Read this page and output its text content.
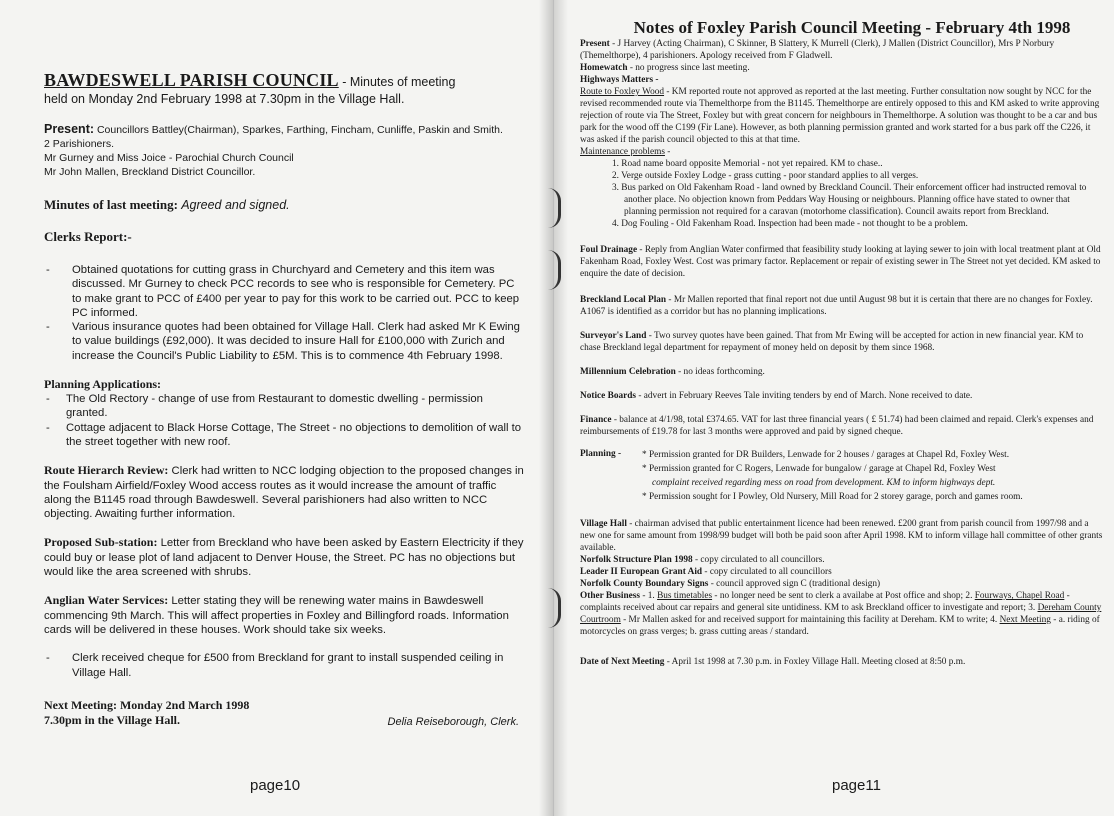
BAWDESWELL PARISH COUNCIL - Minutes of meeting
held on Monday 2nd February 1998 at 7.30pm in the Village Hall.
Present: Councillors Battley(Chairman), Sparkes, Farthing, Fincham, Cunliffe, Paskin and Smith.
2 Parishioners.
Mr Gurney and Miss Joice - Parochial Church Council
Mr John Mallen, Breckland District Councillor.
Minutes of last meeting: Agreed and signed.
Clerks Report:-
- Obtained quotations for cutting grass in Churchyard and Cemetery and this item was discussed. Mr Gurney to check PCC records to see who is responsible for Cemetery. PC to make grant to PCC of £400 per year to pay for this work to be carried out. PCC to keep PC informed.
- Various insurance quotes had been obtained for Village Hall. Clerk had asked Mr K Ewing to value buildings (£92,000). It was decided to insure Hall for £100,000 with Zurich and increase the Council's Public Liability to £5M. This is to commence 4th February 1998.
Planning Applications:
- The Old Rectory - change of use from Restaurant to domestic dwelling - permission granted.
- Cottage adjacent to Black Horse Cottage, The Street - no objections to demolition of wall to the street together with new roof.
Route Hierarch Review: Clerk had written to NCC lodging objection to the proposed changes in the Foulsham Airfield/Foxley Wood access routes as it would increase the amount of traffic along the B1145 road through Bawdeswell. Several parishioners had also written to NCC objecting. Awaiting further information.
Proposed Sub-station: Letter from Breckland who have been asked by Eastern Electricity if they could buy or lease plot of land adjacent to Denver House, the Street. PC has no objections but would like the area screened with shrubs.
Anglian Water Services: Letter stating they will be renewing water mains in Bawdeswell commencing 9th March. This will affect properties in Foxley and Billingford roads. Information cards will be delivered in these houses. Work should take six weeks.
- Clerk received cheque for £500 from Breckland for grant to install suspended ceiling in Village Hall.
Next Meeting: Monday 2nd March 1998
7.30pm in the Village Hall.	Delia Reiseborough, Clerk.
page10
Notes of Foxley Parish Council Meeting - February 4th 1998
Present - J Harvey (Acting Chairman), C Skinner, B Slattery, K Murrell (Clerk), J Mallen (District Councillor), Mrs P Norbury (Themelthorpe), 4 parishioners. Apology received from F Gladwell.
Homewatch - no progress since last meeting.
Highways Matters -
Route to Foxley Wood - KM reported route not approved as reported at the last meeting. Further consultation now sought by NCC for the revised recommended route via Themelthorpe from the B1145. Themelthorpe are entirely opposed to this and KM asked to write approving rejection of route via The Street, Foxley but with great concern for neighbours in Themelthorpe. A solution was thought to be a car and bus park for the wood off the C199 (Fir Lane). However, as both planning permission granted and work started for a bus park off the C226, it was asked if the parish council objected to this at that time.
Maintenance problems -
1. Road name board opposite Memorial - not yet repaired. KM to chase..
2. Verge outside Foxley Lodge - grass cutting - poor standard applies to all verges.
3. Bus parked on Old Fakenham Road - land owned by Breckland Council. Their enforcement officer had instructed removal to another place. No objection known from Peddars Way Housing or neighbours. Planning office have stated to owner that planning permission not required for a caravan (motorhome classification). Council awaits report from Breckland.
4. Dog Fouling - Old Fakenham Road. Inspection had been made - not thought to be a problem.
Foul Drainage - Reply from Anglian Water confirmed that feasibility study looking at laying sewer to join with local treatment plant at Old Fakenham Road, Foxley West. Cost was primary factor. Replacement or repair of existing sewer in The Street not yet decided. KM asked to enquire the date of decision.
Breckland Local Plan - Mr Mallen reported that final report not due until August 98 but it is certain that there are no changes for Foxley. A1067 is identified as a corridor but has no planning implications.
Surveyor's Land - Two survey quotes have been gained. That from Mr Ewing will be accepted for action in new financial year. KM to chase Breckland legal department for repayment of money held on deposit by them since 1968.
Millennium Celebration - no ideas forthcoming.
Notice Boards - advert in February Reeves Tale inviting tenders by end of March. None received to date.
Finance - balance at 4/1/98, total £374.65. VAT for last three financial years ( £ 51.74) had been claimed and repaid. Clerk's expenses and reimbursements of £19.78 for last 3 months were approved and paid by signed cheque.
Planning -	* Permission granted for DR Builders, Lenwade for 2 houses / garages at Chapel Rd, Foxley West.
* Permission granted for C Rogers, Lenwade for bungalow / garage at Chapel Rd, Foxley West
complaint received regarding mess on road from development. KM to inform highways dept.
* Permission sought for I Powley, Old Nursery, Mill Road for 2 storey garage, porch and games room.
Village Hall - chairman advised that public entertainment licence had been renewed. £200 grant from parish council from 1997/98 and a new one for same amount from 1998/99 budget will both be paid soon after April 1998. KM to inform village hall committee of other grants available.
Norfolk Structure Plan 1998 - copy circulated to all councillors.
Leader II European Grant Aid - copy circulated to all councillors
Norfolk County Boundary Signs - council approved sign C (traditional design)
Other Business - 1. Bus timetables - no longer need be sent to clerk a availabe at Post office and shop; 2. Fourways, Chapel Road - complaints received about car repairs and general site untidiness. KM to ask Breckland officer to investigate and report; 3. Dereham County Courtroom - Mr Mallen asked for and received support for maintaining this facility at Dereham. KM to write; 4. Next Meeting - a. riding of motorcycles on grass verges; b. grass cutting areas / standard.
Date of Next Meeting - April 1st 1998 at 7.30 p.m. in Foxley Village Hall. Meeting closed at 8:50 p.m.
page11
